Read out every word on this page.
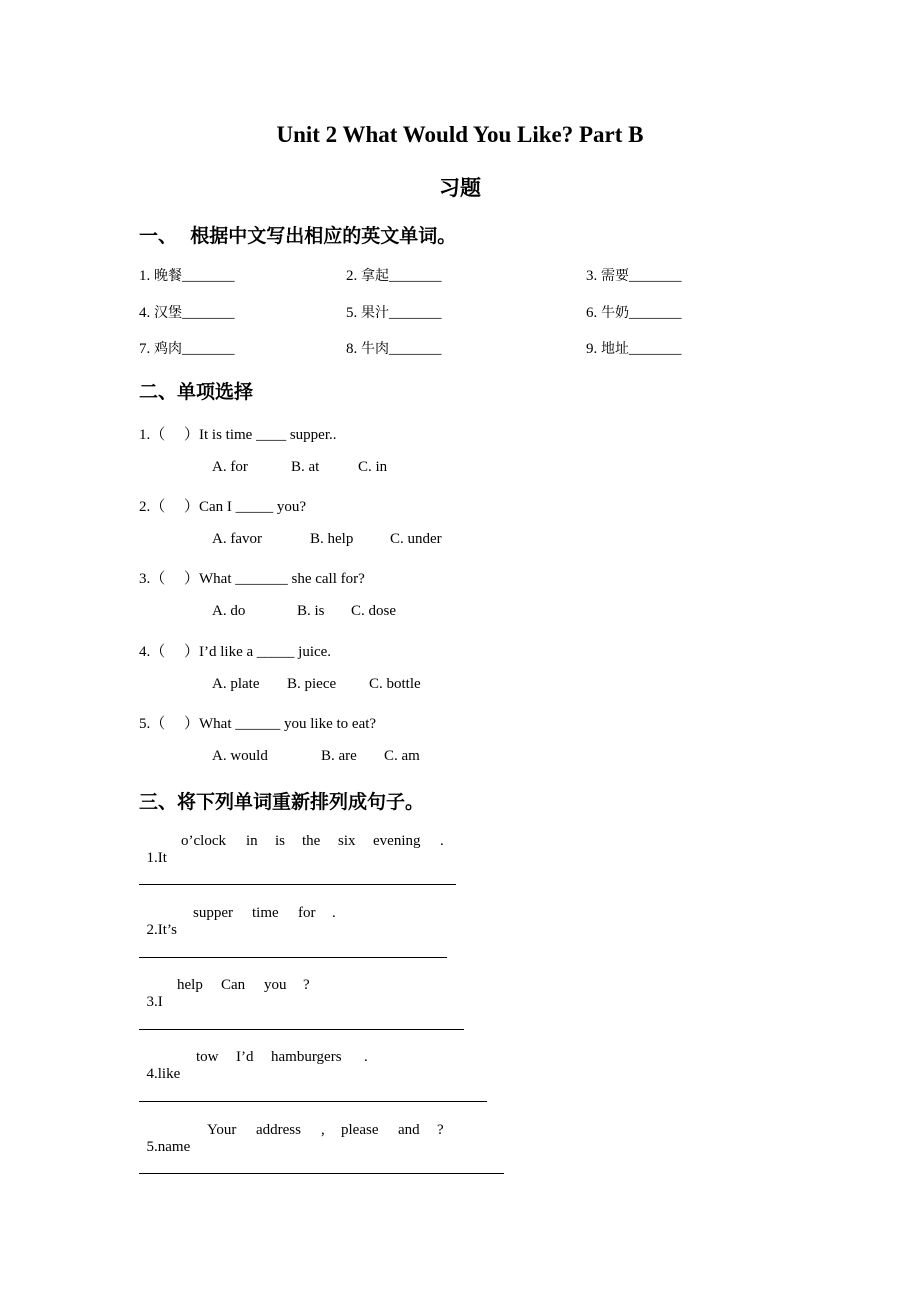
Unit 2 What Would You Like? Part B
习题
一、  根据中文写出相应的英文单词。
1. 晚餐_______	2. 拿起_______	3. 需要_______
4. 汉堡_______	5. 果汁_______	6. 牛奶_______
7. 鸡肉_______	8. 牛肉_______	9. 地址_______
二、单项选择
1.（　 ）It is time ____ supper..
A. for	B. at	C. in
2.（　 ）Can I _____ you?
A. favor	B. help C. under
3.（　 ）What _______ she call for?
A. do	B. is C. dose
4.（　 ）I’d like a _____ juice.
A. plate B. piece C. bottle
5.（　 ）What ______ you like to eat?
A. would	B. are C. am
三、将下列单词重新排列成句子。

1.It

o’clock in is the six evening .

2.It’s

supper time for .

3.I

help Can you ?

4.like

tow I’d hamburgers .

5.name

Your address , please and ?
